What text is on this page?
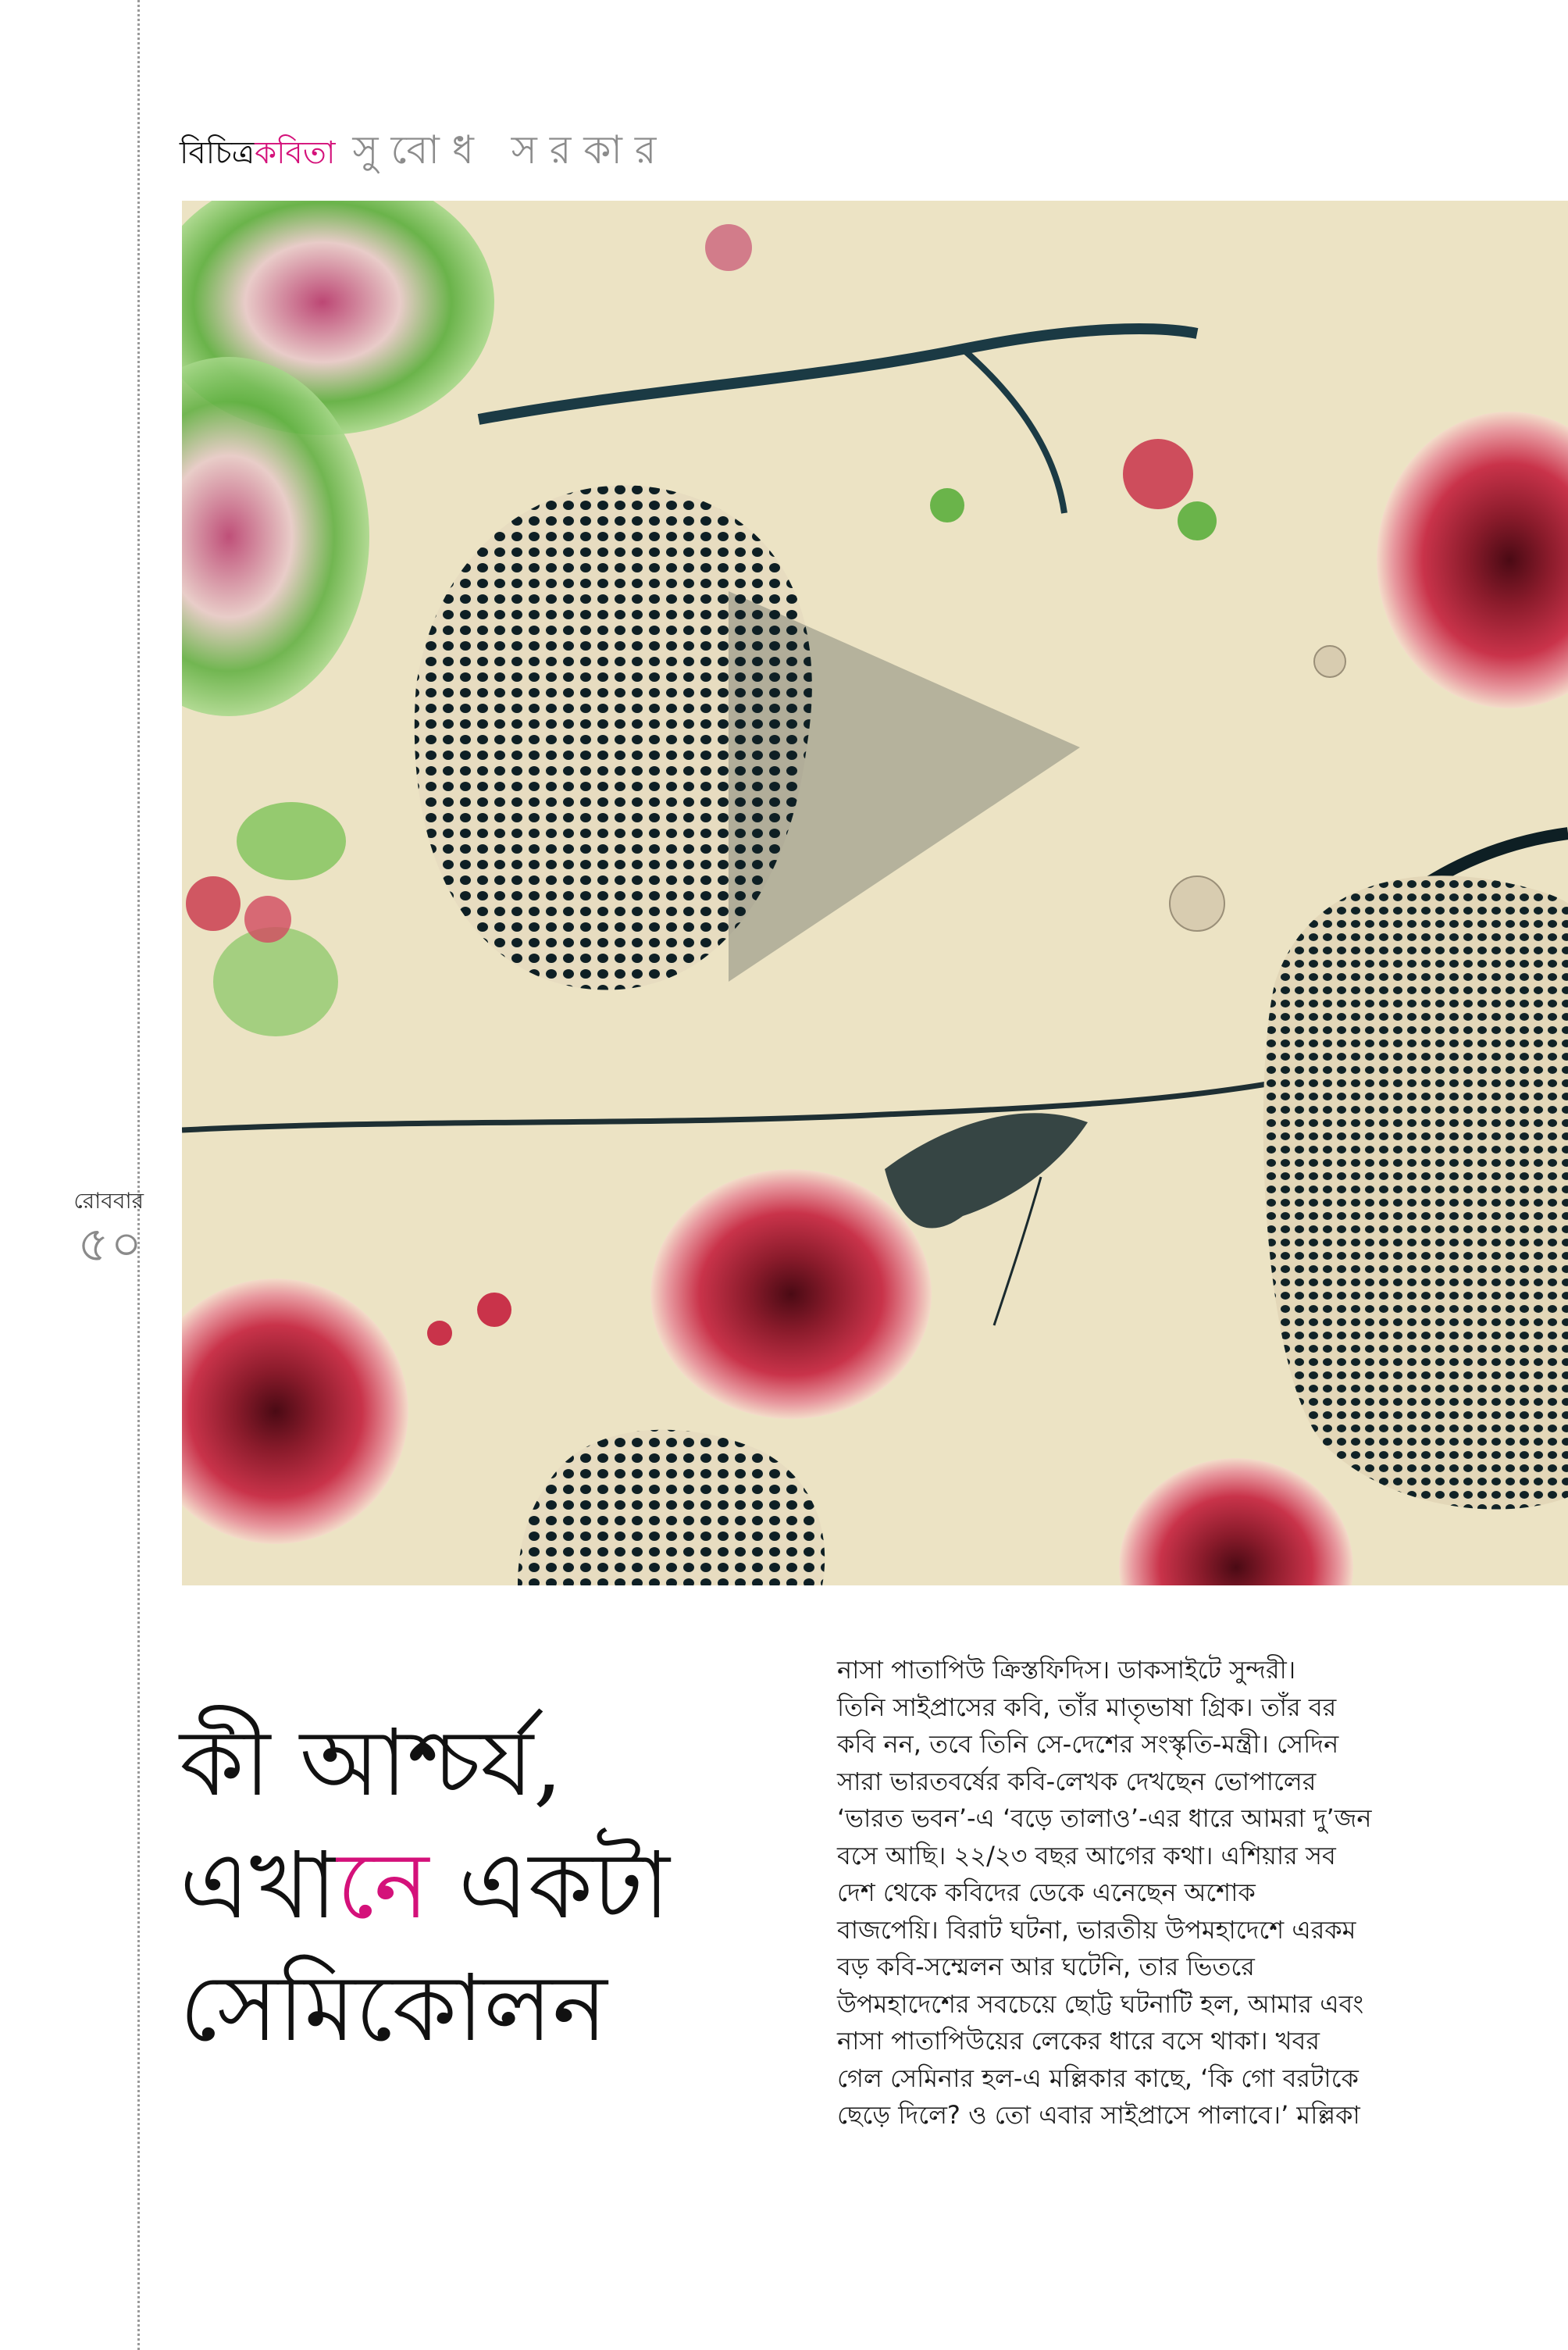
রোববার
৫০
বিচিত্রকবিতা সুবোধ সরকার
কী আশ্চর্য,
এখানে একটা
সেমিকোলন
নাসা পাতাপিউ ক্রিস্তফিদিস। ডাকসাইটে সুন্দরী।
তিনি সাইপ্রাসের কবি, তাঁর মাতৃভাষা গ্রিক। তাঁর বর
কবি নন, তবে তিনি সে-দেশের সংস্কৃতি-মন্ত্রী। সেদিন
সারা ভারতবর্ষের কবি-লেখক দেখছেন ভোপালের
‘ভারত ভবন’-এ ‘বড়ে তালাও’-এর ধারে আমরা দু’জন
বসে আছি। ২২/২৩ বছর আগের কথা। এশিয়ার সব
দেশ থেকে কবিদের ডেকে এনেছেন অশোক
বাজপেয়ি। বিরাট ঘটনা, ভারতীয় উপমহাদেশে এরকম
বড় কবি-সম্মেলন আর ঘটেনি, তার ভিতরে
উপমহাদেশের সবচেয়ে ছোট্ট ঘটনাটি হল, আমার এবং
নাসা পাতাপিউয়ের লেকের ধারে বসে থাকা। খবর
গেল সেমিনার হল-এ মল্লিকার কাছে, ‘কি গো বরটাকে
ছেড়ে দিলে? ও তো এবার সাইপ্রাসে পালাবে।’ মল্লিকা
